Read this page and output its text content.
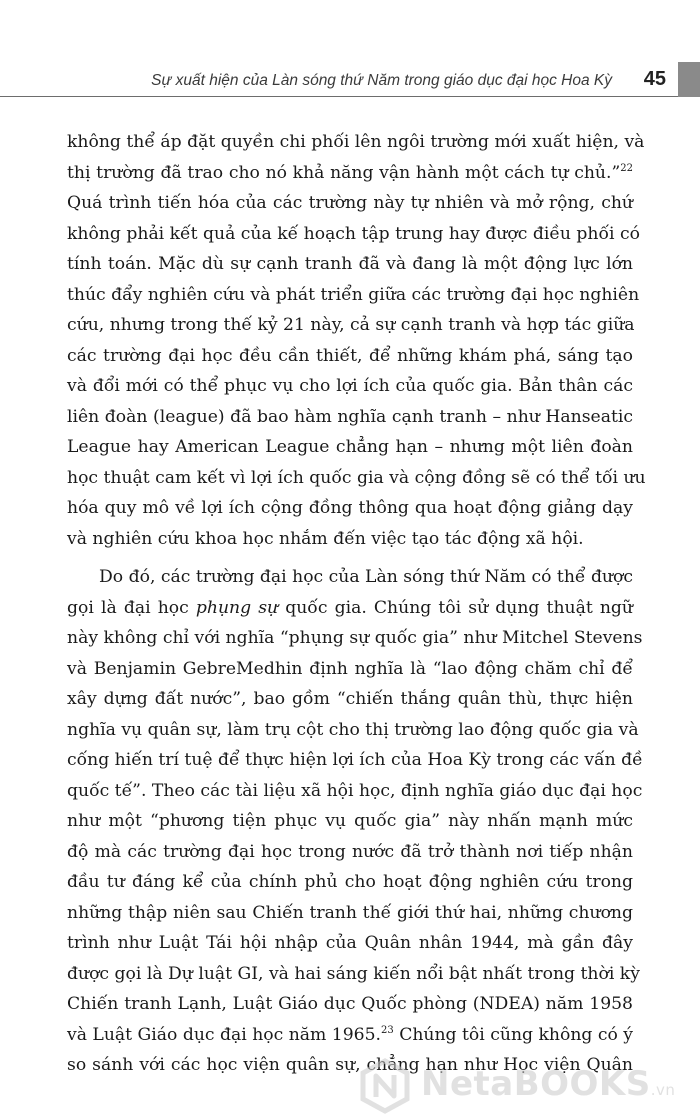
Sự xuất hiện của Làn sóng thứ Năm trong giáo dục đại học Hoa Kỳ	45
không thể áp đặt quyền chi phối lên ngôi trường mới xuất hiện, và
thị trường đã trao cho nó khả năng vận hành một cách tự chủ.”$^{22}$
Quá trình tiến hóa của các trường này tự nhiên và mở rộng, chứ
không phải kết quả của kế hoạch tập trung hay được điều phối có
tính toán. Mặc dù sự cạnh tranh đã và đang là một động lực lớn
thúc đẩy nghiên cứu và phát triển giữa các trường đại học nghiên
cứu, nhưng trong thế kỷ 21 này, cả sự cạnh tranh và hợp tác giữa
các trường đại học đều cần thiết, để những khám phá, sáng tạo
và đổi mới có thể phục vụ cho lợi ích của quốc gia. Bản thân các
liên đoàn (league) đã bao hàm nghĩa cạnh tranh – như Hanseatic
League hay American League chẳng hạn – nhưng một liên đoàn
học thuật cam kết vì lợi ích quốc gia và cộng đồng sẽ có thể tối ưu
hóa quy mô về lợi ích cộng đồng thông qua hoạt động giảng dạy
và nghiên cứu khoa học nhắm đến việc tạo tác động xã hội.
Do đó, các trường đại học của Làn sóng thứ Năm có thể được
gọi là đại học phụng sự quốc gia. Chúng tôi sử dụng thuật ngữ
này không chỉ với nghĩa “phụng sự quốc gia” như Mitchel Stevens
và Benjamin GebreMedhin định nghĩa là “lao động chăm chỉ để
xây dựng đất nước”, bao gồm “chiến thắng quân thù, thực hiện
nghĩa vụ quân sự, làm trụ cột cho thị trường lao động quốc gia và
cống hiến trí tuệ để thực hiện lợi ích của Hoa Kỳ trong các vấn đề
quốc tế”. Theo các tài liệu xã hội học, định nghĩa giáo dục đại học
như một “phương tiện phục vụ quốc gia” này nhấn mạnh mức
độ mà các trường đại học trong nước đã trở thành nơi tiếp nhận
đầu tư đáng kể của chính phủ cho hoạt động nghiên cứu trong
những thập niên sau Chiến tranh thế giới thứ hai, những chương
trình như Luật Tái hội nhập của Quân nhân 1944, mà gần đây
được gọi là Dự luật GI, và hai sáng kiến nổi bật nhất trong thời kỳ
Chiến tranh Lạnh, Luật Giáo dục Quốc phòng (NDEA) năm 1958
và Luật Giáo dục đại học năm 1965.23 Chúng tôi cũng không có ý
so sánh với các học viện quân sự, chẳng hạn như Học viện Quân
NetaBOOKS.vn
